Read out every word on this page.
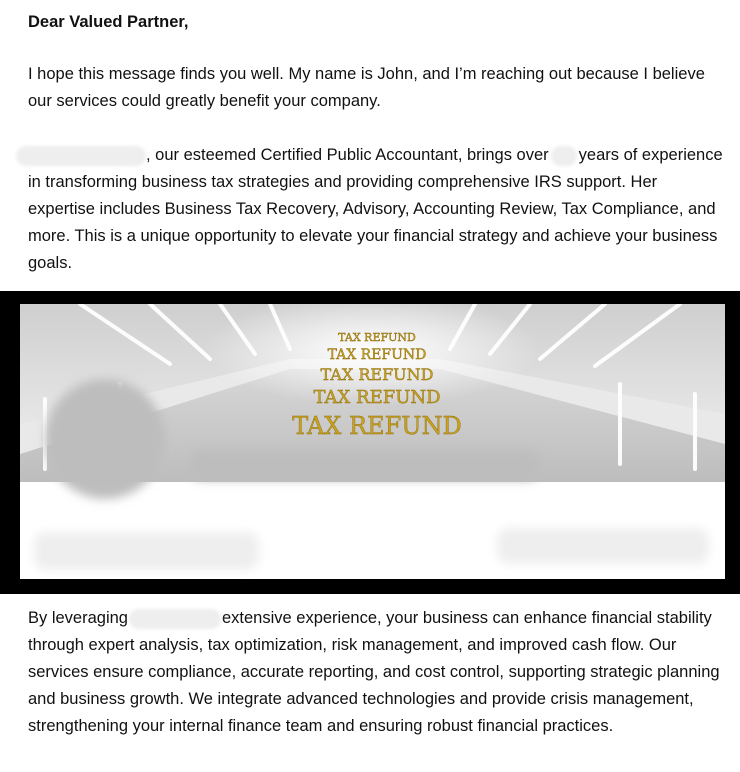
Dear Valued Partner,

I hope this message finds you well. My name is John, and I’m reaching out because I believe our services could greatly benefit your company.

, our esteemed Certified Public Accountant, brings over years of experience in transforming business tax strategies and providing comprehensive IRS support. Her expertise includes Business Tax Recovery, Advisory, Accounting Review, Tax Compliance, and more. This is a unique opportunity to elevate your financial strategy and achieve your business goals.

TAX REFUND
TAX REFUND
TAX REFUND
TAX REFUND
TAX REFUND

By leveraging	extensive experience, your business can enhance financial stability through expert analysis, tax optimization, risk management, and improved cash flow. Our services ensure compliance, accurate reporting, and cost control, supporting strategic planning and business growth. We integrate advanced technologies and provide crisis management, strengthening your internal finance team and ensuring robust financial practices.
